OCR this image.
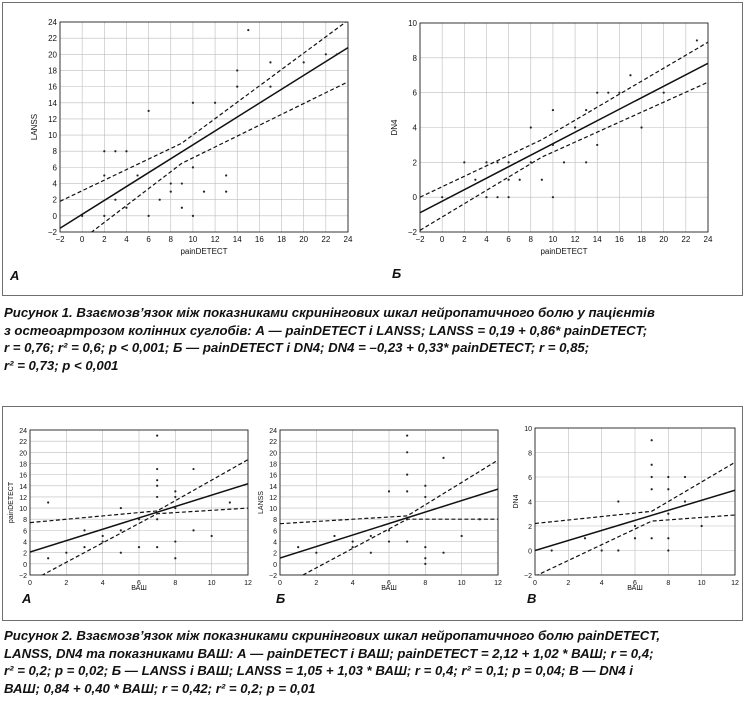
−2 0 2 4 6 8 10 12 14 16 18 20 22 24
−2
0
2
4
6
8
10
12
14
16
18
20
22
24
painDETECT
LANSS
−2 0 2 4 6 8 10 12 14 16 18 20 22 24
−2
0
2
4
6
8
10
painDETECT
DN4
0	2	4	6	8	10	12
−2
0
2
4
6
8
10
12
14
16
18
20
22
24
ВАШ
painDETECT
0	2	4	6	8	10	12
−2
0
2
4
6
8
10
12
14
16
18
20
22
24
ВАШ
LANSS
0	2	4	6	8	10	12
−2
0
2
4
6
8
10
ВАШ
DN4
А	Б
А	Б	В
Рисунок 1. Взаємозв’язок між показниками скринінгових шкал нейропатичного болю у пацієнтів
з остеоартрозом колінних суглобів: А — painDETECT і LANSS; LANSS = 0,19 + 0,86* painDETECT;
r = 0,76; r² = 0,6; p < 0,001; Б — painDETECT і DN4; DN4 = –0,23 + 0,33* painDETECT; r = 0,85;
r² = 0,73; p < 0,001
Рисунок 2. Взаємозв’язок між показниками скринінгових шкал нейропатичного болю painDETECT,
LANSS, DN4 та показниками ВАШ: А — painDETECT і ВАШ; painDETECT = 2,12 + 1,02 * ВАШ; r = 0,4;
r² = 0,2; p = 0,02; Б — LANSS і ВАШ; LANSS = 1,05 + 1,03 * ВАШ; r = 0,4; r² = 0,1; p = 0,04; В — DN4 і
ВАШ; 0,84 + 0,40 * ВАШ; r = 0,42; r² = 0,2; p = 0,01
